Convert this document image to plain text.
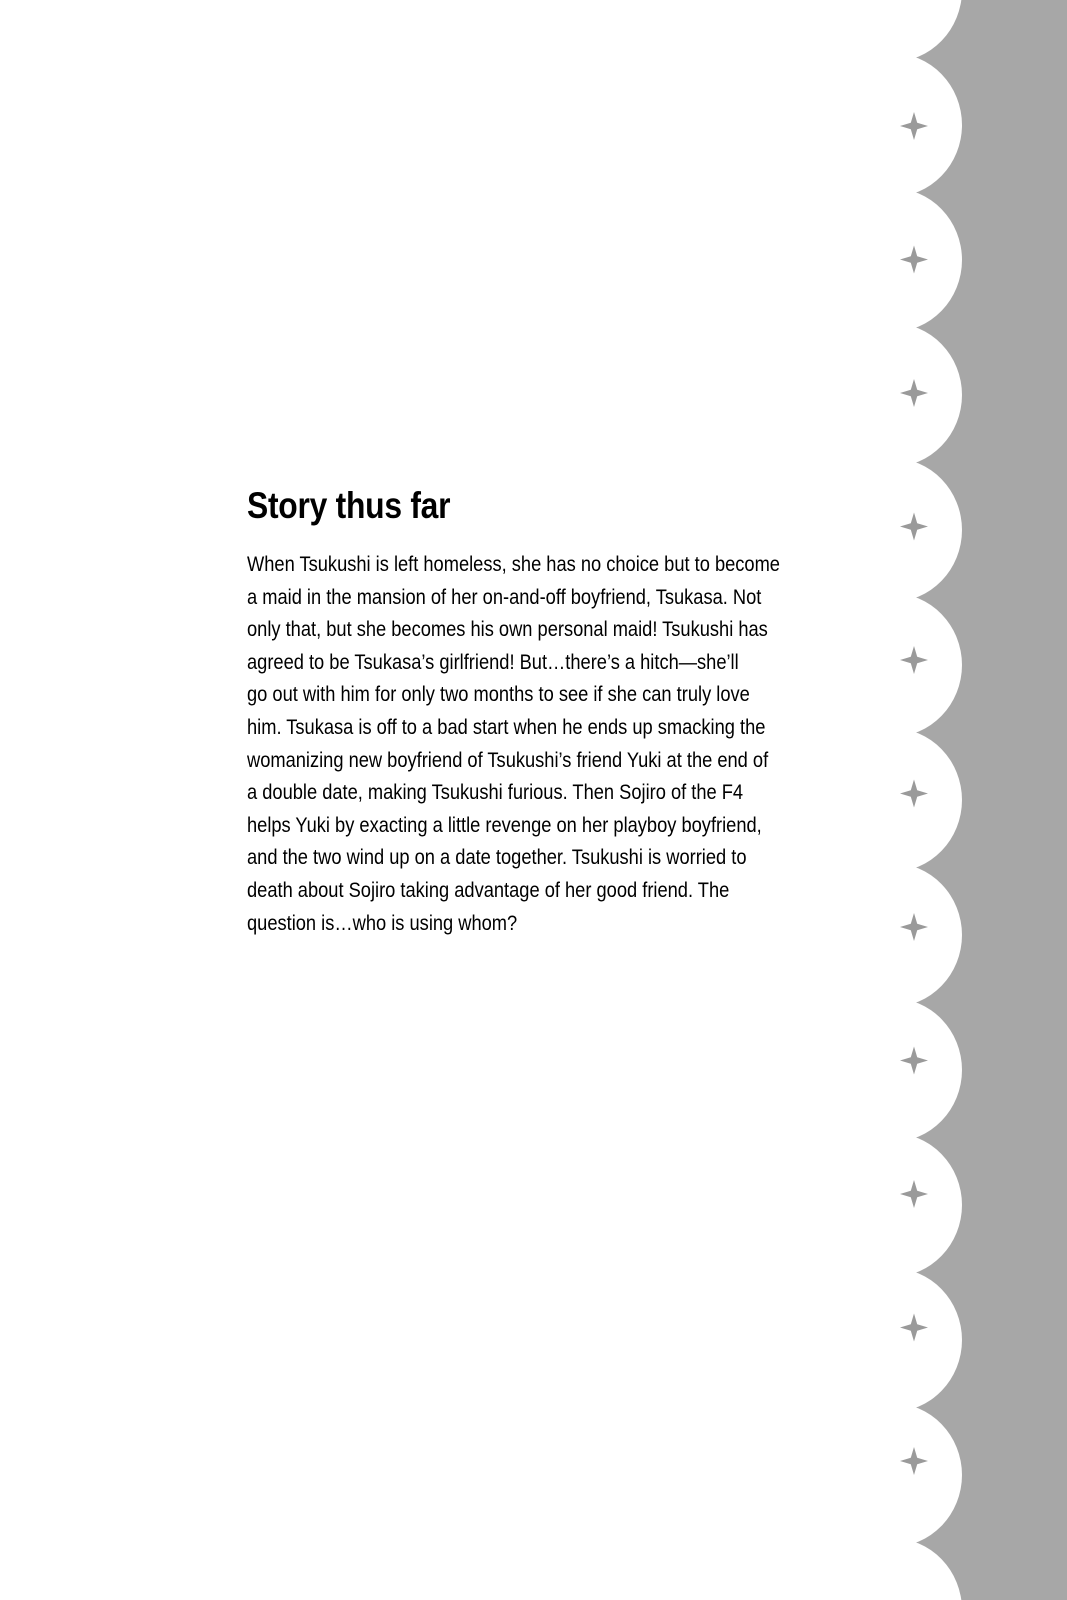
Story thus far
When Tsukushi is left homeless, she has no choice but to become
a maid in the mansion of her on-and-off boyfriend, Tsukasa. Not
only that, but she becomes his own personal maid! Tsukushi has
agreed to be Tsukasa’s girlfriend! But…there’s a hitch—she’ll
go out with him for only two months to see if she can truly love
him. Tsukasa is off to a bad start when he ends up smacking the
womanizing new boyfriend of Tsukushi’s friend Yuki at the end of
a double date, making Tsukushi furious. Then Sojiro of the F4
helps Yuki by exacting a little revenge on her playboy boyfriend,
and the two wind up on a date together. Tsukushi is worried to
death about Sojiro taking advantage of her good friend. The
question is…who is using whom?
